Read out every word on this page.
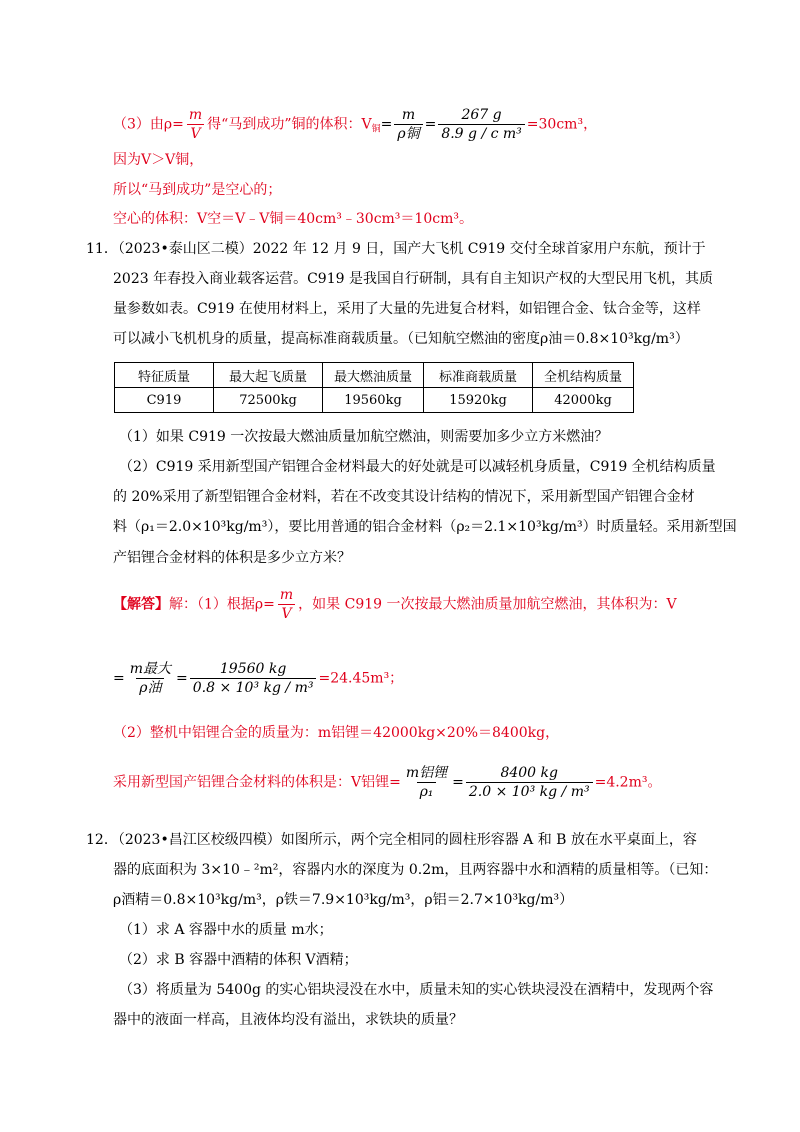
（3）由$\rho= \frac{m}{V}$ 得“马到成功”铜的体积：$V_铜= \frac{m}{\text{ρ铜}} = \frac{267 g}{\text{8.9 g / c m³}} =30cm^3$，
因为V＞V铜，
所以“马到成功”是空心的；
空心的体积：V空＝V﹣V铜＝40cm³﹣30cm³＝10cm³。
11．（2023•泰山区二模）2022 年 12 月 9 日，国产大飞机 C919 交付全球首家用户东航，预计于
2023 年春投入商业载客运营。C919 是我国自行研制，具有自主知识产权的大型民用飞机，其质
量参数如表。C919 在使用材料上，采用了大量的先进复合材料，如铝锂合金、钛合金等，这样
可以减小飞机机身的质量，提高标准商载质量。（已知航空燃油的密度ρ油＝0.8×10³kg/m³）
特征质量	最大起飞质量	最大燃油质量	标准商载质量	全机结构质量
C919	72500kg	19560kg	15920kg	42000kg
（1）如果 C919 一次按最大燃油质量加航空燃油，则需要加多少立方米燃油？
（2）C919 采用新型国产铝锂合金材料最大的好处就是可以减轻机身质量，C919 全机结构质量
的 20%采用了新型铝锂合金材料，若在不改变其设计结构的情况下，采用新型国产铝锂合金材
料（ρ₁＝2.0×10³kg/m³），要比用普通的铝合金材料（ρ₂＝2.1×10³kg/m³）时质量轻。采用新型国
产铝锂合金材料的体积是多少立方米？
【解答】解：（1）根据$\rho= \frac{m}{V}$ ，如果 C919 一次按最大燃油质量加航空燃油，其体积为：V
= $\frac{\text{m最大}}{\text{ρ油}} = \frac{19560 kg}{\text{0.8 × 10³ kg / m³}} =24.45m^3$；
（2）整机中铝锂合金的质量为：m铝锂＝42000kg×20%＝8400kg，
采用新型国产铝锂合金材料的体积是：V铝锂= $\frac{\text{m铝锂}}{\text{ρ₁}} = \frac{8400 kg}{\text{2.0 × 10³ kg / m³}} =4.2m^3$。
12．（2023•昌江区校级四模）如图所示，两个完全相同的圆柱形容器 A 和 B 放在水平桌面上，容
器的底面积为 3×10﹣²m²，容器内水的深度为 0.2m，且两容器中水和酒精的质量相等。（已知：
ρ酒精＝0.8×10³kg/m³，ρ铁＝7.9×10³kg/m³，ρ铝＝2.7×10³kg/m³）
（1）求 A 容器中水的质量 m水；
（2）求 B 容器中酒精的体积 V酒精；
（3）将质量为 5400g 的实心铝块浸没在水中，质量未知的实心铁块浸没在酒精中，发现两个容
器中的液面一样高，且液体均没有溢出，求铁块的质量？
